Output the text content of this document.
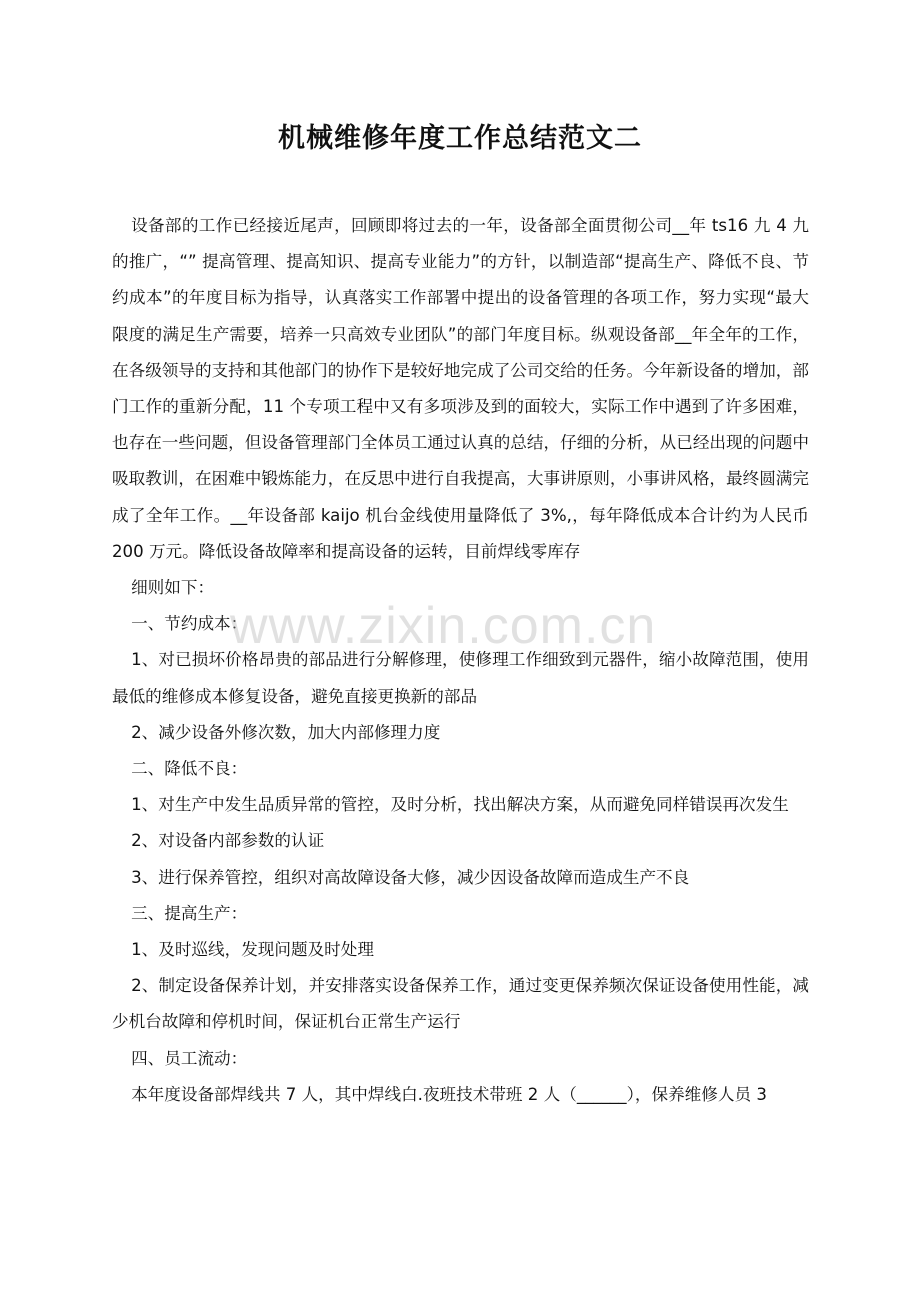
机械维修年度工作总结范文二

设备部的工作已经接近尾声，回顾即将过去的一年，设备部全面贯彻公司__年 ts16 九 4 九的推广，“” 提高管理、提高知识、提高专业能力”的方针，以制造部“提高生产、降低不良、节约成本”的年度目标为指导，认真落实工作部署中提出的设备管理的各项工作，努力实现“最大限度的满足生产需要，培养一只高效专业团队”的部门年度目标。纵观设备部__年全年的工作，在各级领导的支持和其他部门的协作下是较好地完成了公司交给的任务。今年新设备的增加，部门工作的重新分配，11 个专项工程中又有多项涉及到的面较大，实际工作中遇到了许多困难，也存在一些问题，但设备管理部门全体员工通过认真的总结，仔细的分析，从已经出现的问题中吸取教训，在困难中锻炼能力，在反思中进行自我提高，大事讲原则，小事讲风格，最终圆满完成了全年工作。__年设备部 kaijo 机台金线使用量降低了 3%,，每年降低成本合计约为人民币 200 万元。降低设备故障率和提高设备的运转，目前焊线零库存

细则如下：

一、节约成本：

1、对已损坏价格昂贵的部品进行分解修理，使修理工作细致到元器件，缩小故障范围，使用最低的维修成本修复设备，避免直接更换新的部品

2、减少设备外修次数，加大内部修理力度

二、降低不良：

1、对生产中发生品质异常的管控，及时分析，找出解决方案，从而避免同样错误再次发生

2、对设备内部参数的认证

3、进行保养管控，组织对高故障设备大修，减少因设备故障而造成生产不良

三、提高生产：

1、及时巡线，发现问题及时处理

2、制定设备保养计划，并安排落实设备保养工作，通过变更保养频次保证设备使用性能，减少机台故障和停机时间，保证机台正常生产运行

四、员工流动：

本年度设备部焊线共 7 人，其中焊线白.夜班技术带班 2 人（______），保养维修人员 3

www.zixin.com.cn
